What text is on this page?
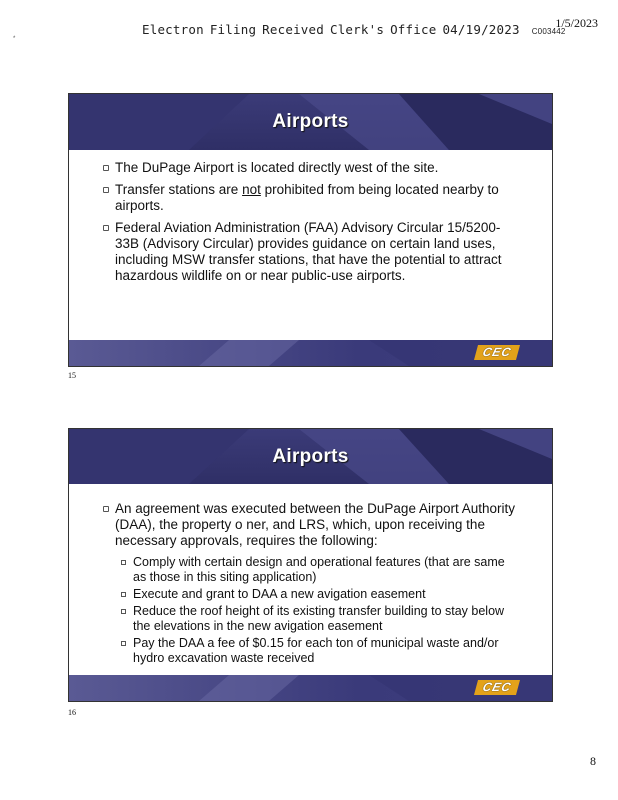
Electron Filing Received Clerk's Office 04/19/2023 C003442
1/5/2023
*
Airports
The DuPage Airport is located directly west of the site.
Transfer stations are not prohibited from being located nearby to airports.
Federal Aviation Administration (FAA) Advisory Circular 15/5200-33B (Advisory Circular) provides guidance on certain land uses, including MSW transfer stations, that have the potential to attract hazardous wildlife on or near public-use airports.
CEC
15
Airports
An agreement was executed between the DuPage Airport Authority (DAA), the property o ner, and LRS, which, upon receiving the necessary approvals, requires the following:
Comply with certain design and operational features (that are same as those in this siting application)
Execute and grant to DAA a new avigation easement
Reduce the roof height of its existing transfer building to stay below the elevations in the new avigation easement
Pay the DAA a fee of $0.15 for each ton of municipal waste and/or hydro excavation waste received
CEC
16
8
